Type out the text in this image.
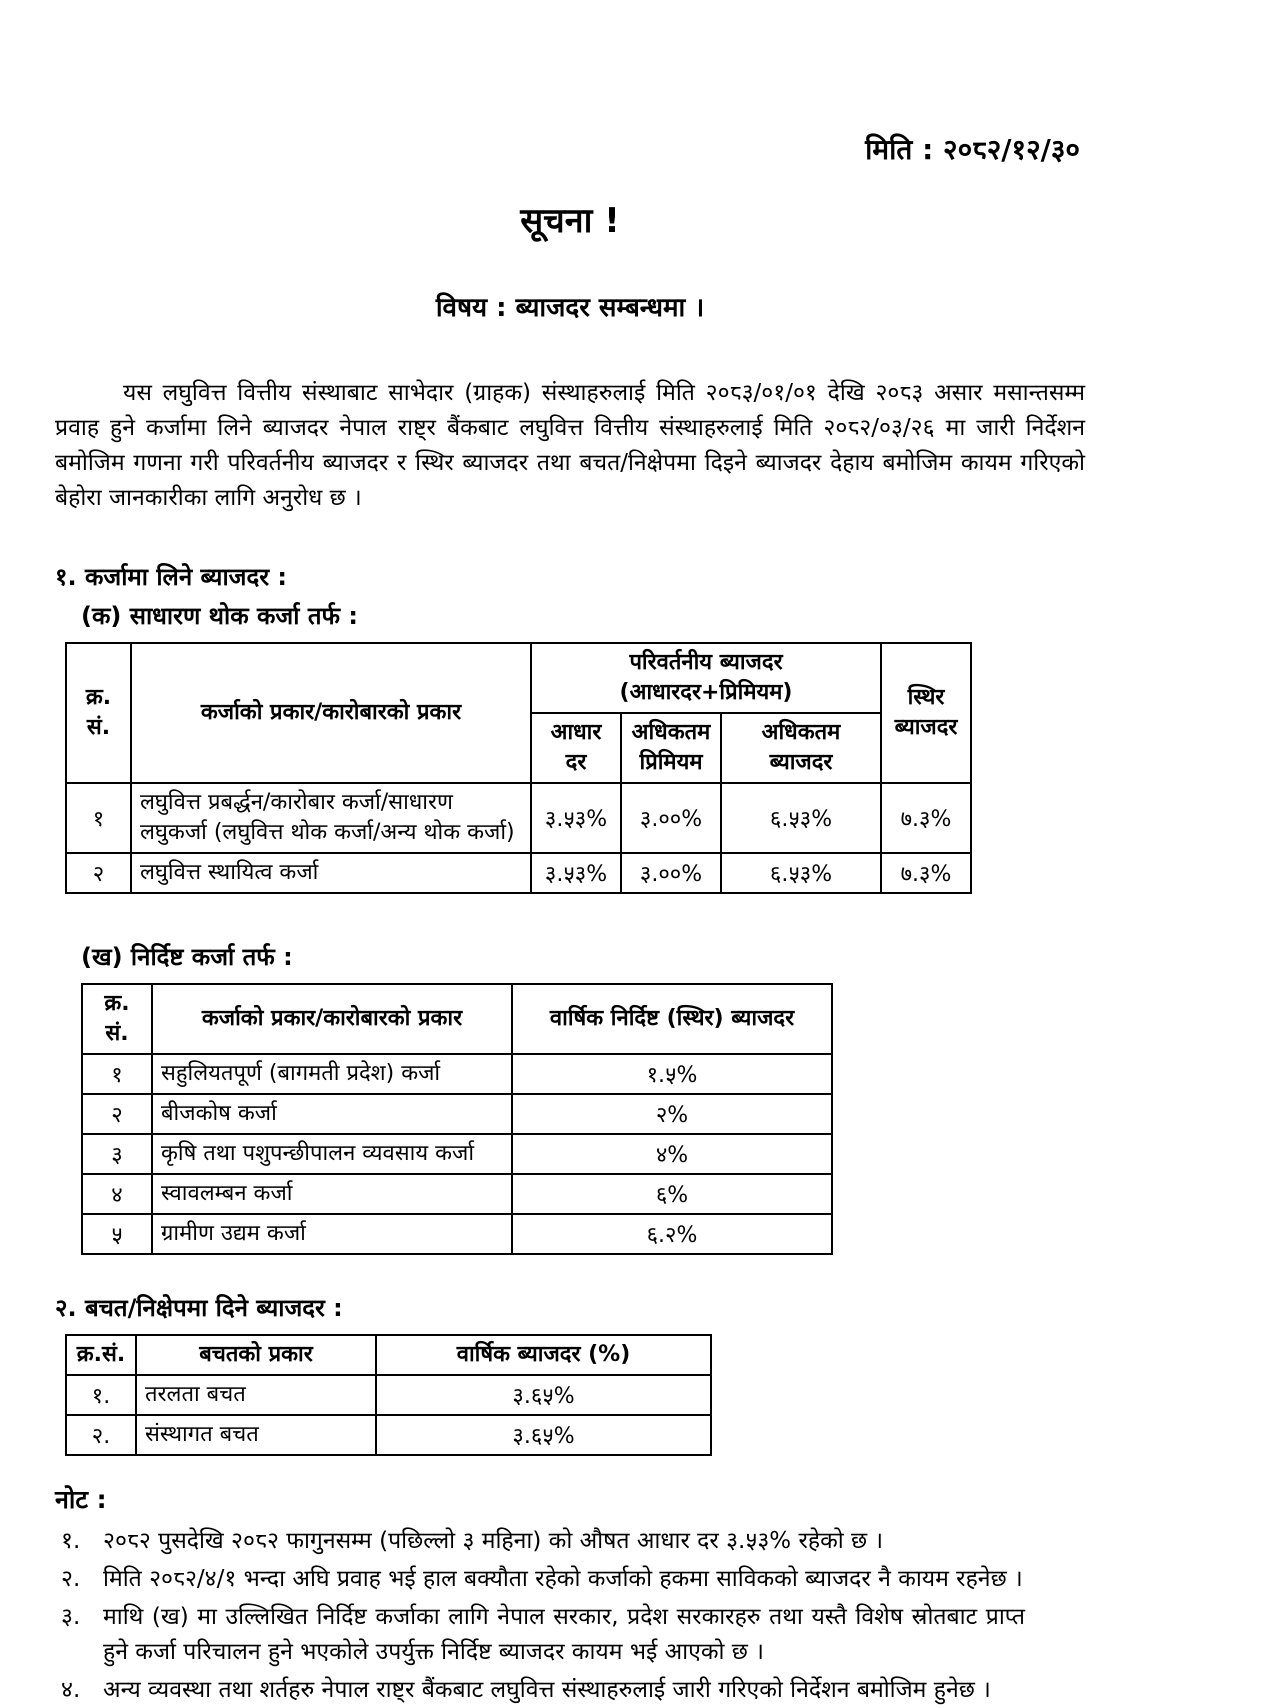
मिति : २०८२/१२/३०
सूचना !
विषय : ब्याजदर सम्बन्धमा ।

यस लघुवित्त वित्तीय संस्थाबाट साभेदार (ग्राहक) संस्थाहरुलाई मिति २०८३/०१/०१ देखि २०८३ असार मसान्तसम्म प्रवाह हुने कर्जामा लिने ब्याजदर नेपाल राष्ट्र बैंकबाट लघुवित्त वित्तीय संस्थाहरुलाई मिति २०८२/०३/२६ मा जारी निर्देशन बमोजिम गणना गरी परिवर्तनीय ब्याजदर र स्थिर ब्याजदर तथा बचत/निक्षेपमा दिइने ब्याजदर देहाय बमोजिम कायम गरिएको बेहोरा जानकारीका लागि अनुरोध छ ।

१. कर्जामा लिने ब्याजदर :
(क) साधारण थोक कर्जा तर्फ :
क्र. सं.	कर्जाको प्रकार/कारोबारको प्रकार	परिवर्तनीय ब्याजदर (आधारदर+प्रिमियम)			स्थिर ब्याजदर
		आधार दर	अधिकतम प्रिमियम	अधिकतम ब्याजदर	
१	लघुवित्त प्रबर्द्धन/कारोबार कर्जा/साधारण लघुकर्जा (लघुवित्त थोक कर्जा/अन्य थोक कर्जा)	३.५३%	३.००%	६.५३%	७.३%
२	लघुवित्त स्थायित्व कर्जा	३.५३%	३.००%	६.५३%	७.३%
(ख) निर्दिष्ट कर्जा तर्फ :
क्र. सं.	कर्जाको प्रकार/कारोबारको प्रकार	वार्षिक निर्दिष्ट (स्थिर) ब्याजदर
१	सहुलियतपूर्ण (बागमती प्रदेश) कर्जा	१.५%
२	बीजकोष कर्जा	२%
३	कृषि तथा पशुपन्छीपालन व्यवसाय कर्जा	४%
४	स्वावलम्बन कर्जा	६%
५	ग्रामीण उद्यम कर्जा	६.२%
२. बचत/निक्षेपमा दिने ब्याजदर :
क्र.सं.	बचतको प्रकार	वार्षिक ब्याजदर (%)
१.	तरलता बचत	३.६५%
२.	संस्थागत बचत	३.६५%
नोट :
१. २०८२ पुसदेखि २०८२ फागुनसम्म (पछिल्लो ३ महिना) को औषत आधार दर ३.५३% रहेको छ ।
२. मिति २०८२/४/१ भन्दा अघि प्रवाह भई हाल बक्यौता रहेको कर्जाको हकमा साविकको ब्याजदर नै कायम रहनेछ ।
३. माथि (ख) मा उल्लिखित निर्दिष्ट कर्जाका लागि नेपाल सरकार, प्रदेश सरकारहरु तथा यस्तै विशेष स्रोतबाट प्राप्त हुने कर्जा परिचालन हुने भएकोले उपर्युक्त निर्दिष्ट ब्याजदर कायम भई आएको छ ।
४. अन्य व्यवस्था तथा शर्तहरु नेपाल राष्ट्र बैंकबाट लघुवित्त संस्थाहरुलाई जारी गरिएको निर्देशन बमोजिम हुनेछ ।
